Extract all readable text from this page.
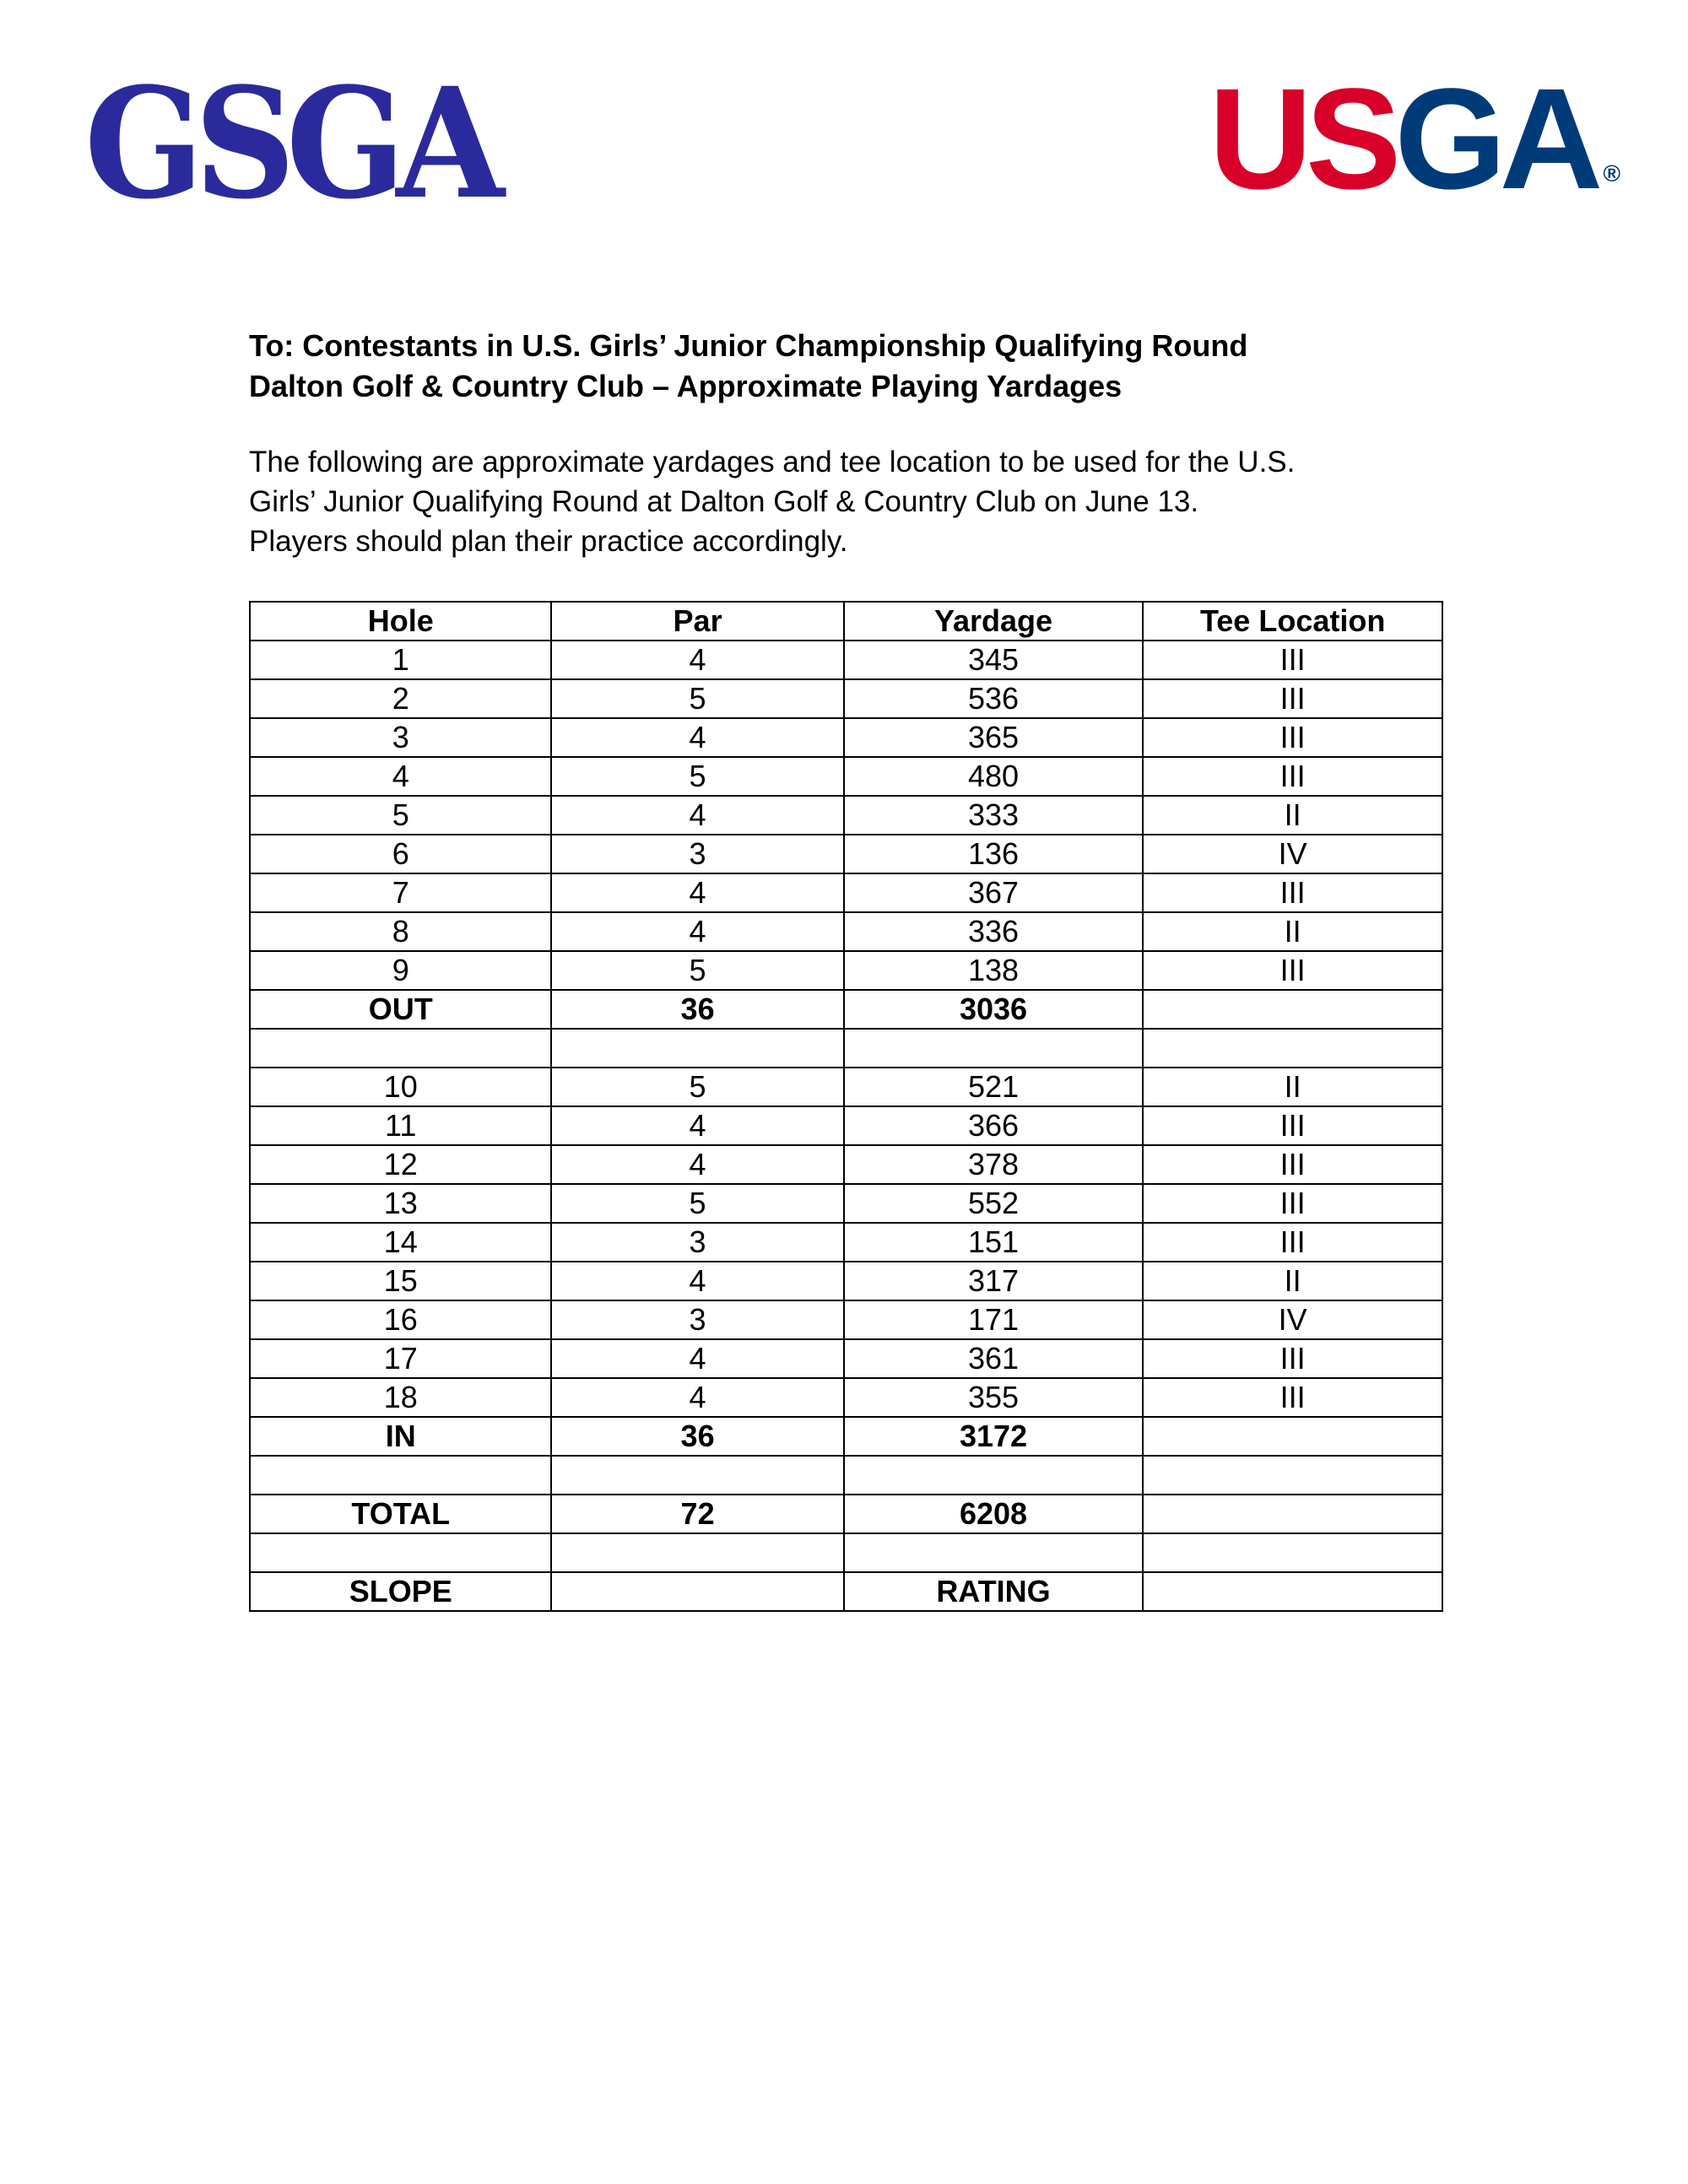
GSGA	USGA ®
To: Contestants in U.S. Girls’ Junior Championship Qualifying Round
Dalton Golf & Country Club – Approximate Playing Yardages
The following are approximate yardages and tee location to be used for the U.S.
Girls’ Junior Qualifying Round at Dalton Golf & Country Club on June 13.
Players should plan their practice accordingly.
Hole	Par	Yardage	Tee Location
1	4	345	III
2	5	536	III
3	4	365	III
4	5	480	III
5	4	333	II
6	3	136	IV
7	4	367	III
8	4	336	II
9	5	138	III
OUT	36	3036	

10	5	521	II
11	4	366	III
12	4	378	III
13	5	552	III
14	3	151	III
15	4	317	II
16	3	171	IV
17	4	361	III
18	4	355	III
IN	36	3172	

TOTAL	72	6208	

SLOPE		RATING	
